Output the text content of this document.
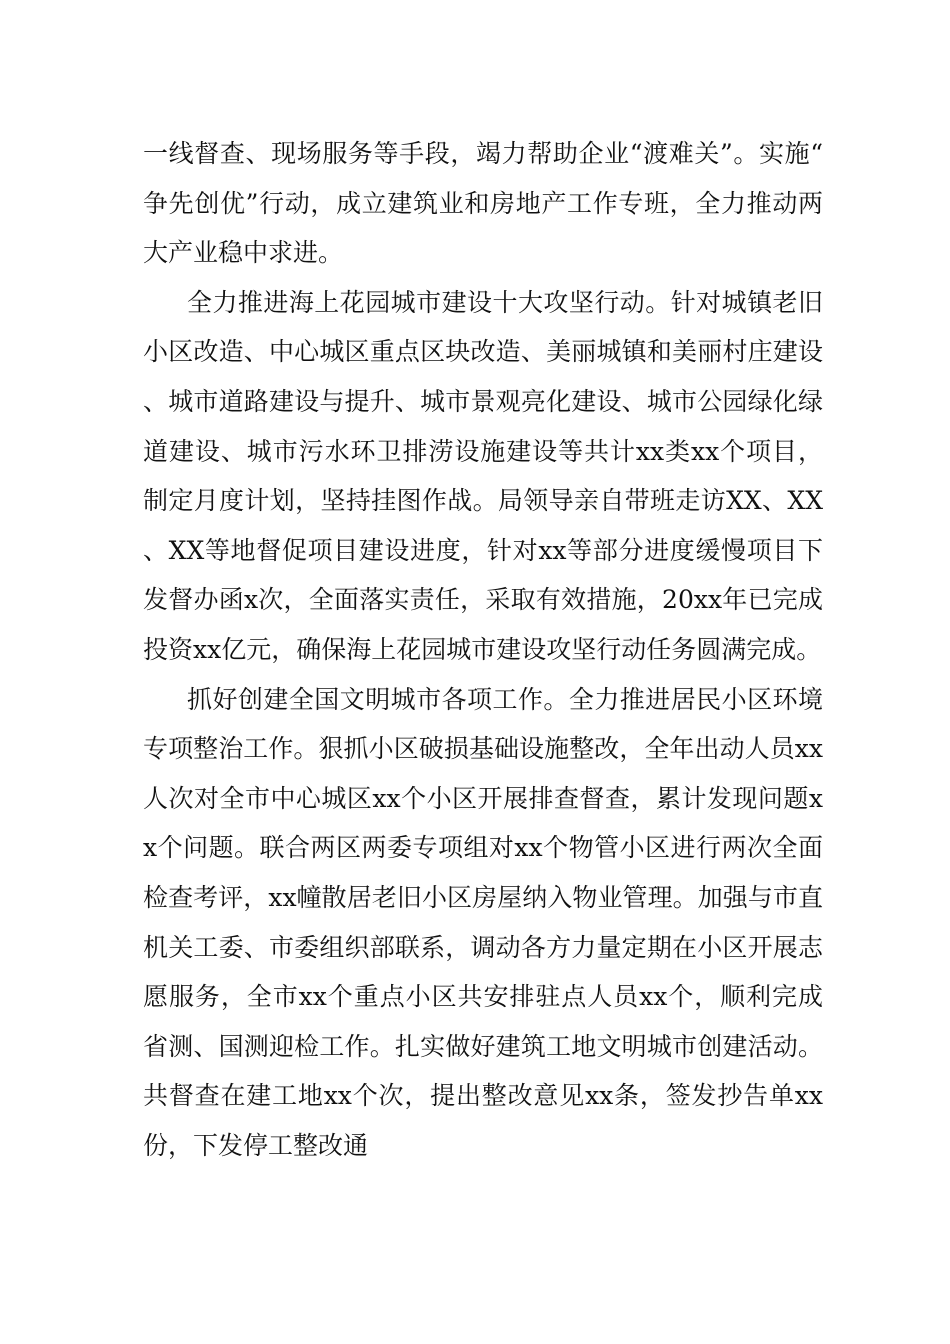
一线督查、现场服务等手段，竭力帮助企业“渡难关”。实施“争先创优”行动，成立建筑业和房地产工作专班，全力推动两大产业稳中求进。

全力推进海上花园城市建设十大攻坚行动。针对城镇老旧小区改造、中心城区重点区块改造、美丽城镇和美丽村庄建设、城市道路建设与提升、城市景观亮化建设、城市公园绿化绿道建设、城市污水环卫排涝设施建设等共计xx类xx个项目，制定月度计划，坚持挂图作战。局领导亲自带班走访XX、XX、XX等地督促项目建设进度，针对xx等部分进度缓慢项目下发督办函x次，全面落实责任，采取有效措施，20xx年已完成投资xx亿元，确保海上花园城市建设攻坚行动任务圆满完成。

抓好创建全国文明城市各项工作。全力推进居民小区环境专项整治工作。狠抓小区破损基础设施整改，全年出动人员xx人次对全市中心城区xx个小区开展排查督查，累计发现问题xx个问题。联合两区两委专项组对xx个物管小区进行两次全面检查考评，xx幢散居老旧小区房屋纳入物业管理。加强与市直机关工委、市委组织部联系，调动各方力量定期在小区开展志愿服务，全市xx个重点小区共安排驻点人员xx个，顺利完成省测、国测迎检工作。扎实做好建筑工地文明城市创建活动。共督查在建工地xx个次，提出整改意见xx条，签发抄告单xx份，下发停工整改通
